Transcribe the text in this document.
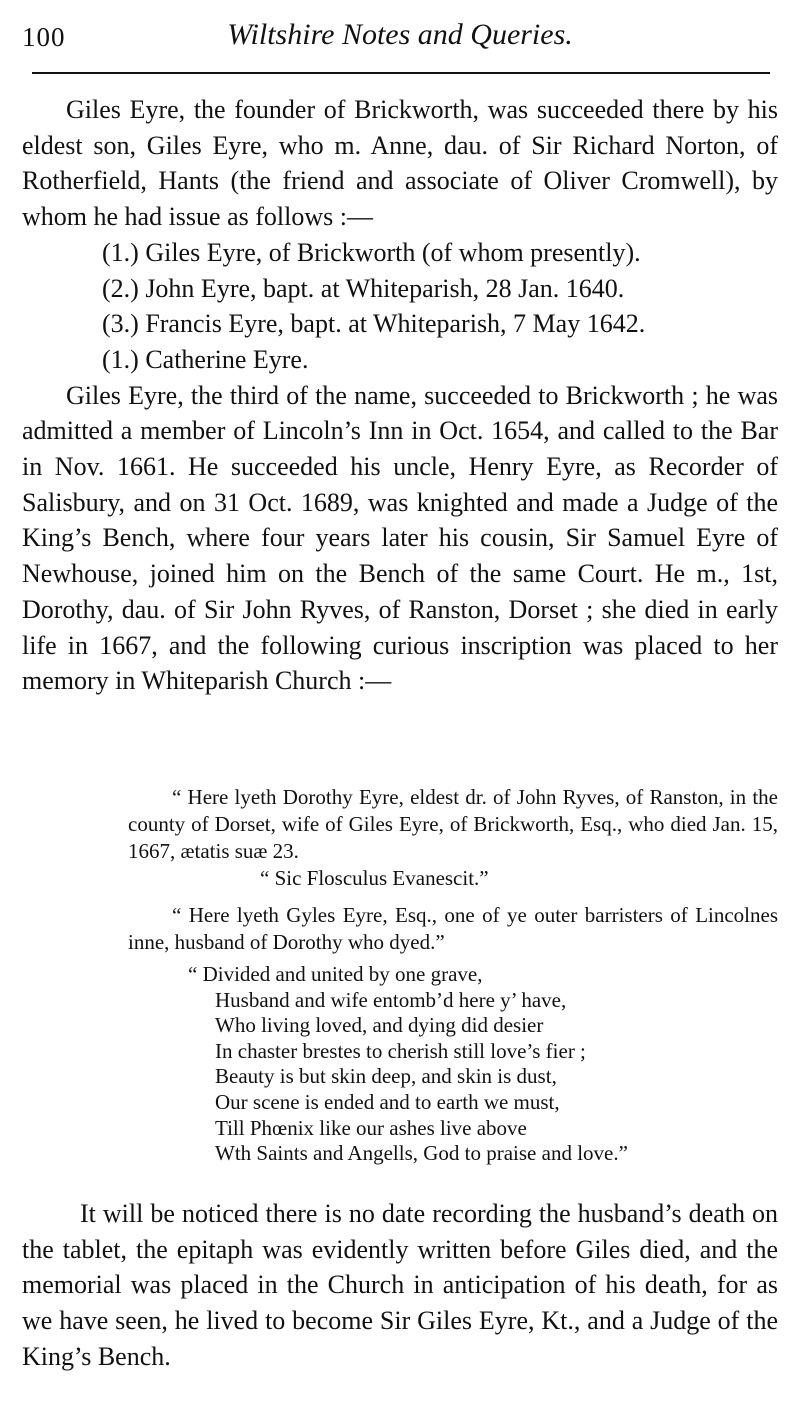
100	Wiltshire Notes and Queries.

Giles Eyre, the founder of Brickworth, was succeeded there by his eldest son, Giles Eyre, who m. Anne, dau. of Sir Richard Norton, of Rotherfield, Hants (the friend and associate of Oliver Cromwell), by whom he had issue as follows :—

(1.) Giles Eyre, of Brickworth (of whom presently).
(2.) John Eyre, bapt. at Whiteparish, 28 Jan. 1640.
(3.) Francis Eyre, bapt. at Whiteparish, 7 May 1642.
(1.) Catherine Eyre.

Giles Eyre, the third of the name, succeeded to Brickworth ; he was admitted a member of Lincoln’s Inn in Oct. 1654, and called to the Bar in Nov. 1661. He succeeded his uncle, Henry Eyre, as Recorder of Salisbury, and on 31 Oct. 1689, was knighted and made a Judge of the King’s Bench, where four years later his cousin, Sir Samuel Eyre of Newhouse, joined him on the Bench of the same Court. He m., 1st, Dorothy, dau. of Sir John Ryves, of Ranston, Dorset ; she died in early life in 1667, and the following curious inscription was placed to her memory in Whiteparish Church :—

“ Here lyeth Dorothy Eyre, eldest dr. of John Ryves, of Ranston, in the county of Dorset, wife of Giles Eyre, of Brickworth, Esq., who died Jan. 15, 1667, ætatis suæ 23.

“ Sic Flosculus Evanescit.”

“ Here lyeth Gyles Eyre, Esq., one of ye outer barristers of Lincolnes inne, husband of Dorothy who dyed.”

“ Divided and united by one grave,
Husband and wife entomb’d here y’ have,
Who living loved, and dying did desier
In chaster brestes to cherish still love’s fier ;
Beauty is but skin deep, and skin is dust,
Our scene is ended and to earth we must,
Till Phœnix like our ashes live above
Wth Saints and Angells, God to praise and love.”

It will be noticed there is no date recording the husband’s death on the tablet, the epitaph was evidently written before Giles died, and the memorial was placed in the Church in anticipation of his death, for as we have seen, he lived to become Sir Giles Eyre, Kt., and a Judge of the King’s Bench.
